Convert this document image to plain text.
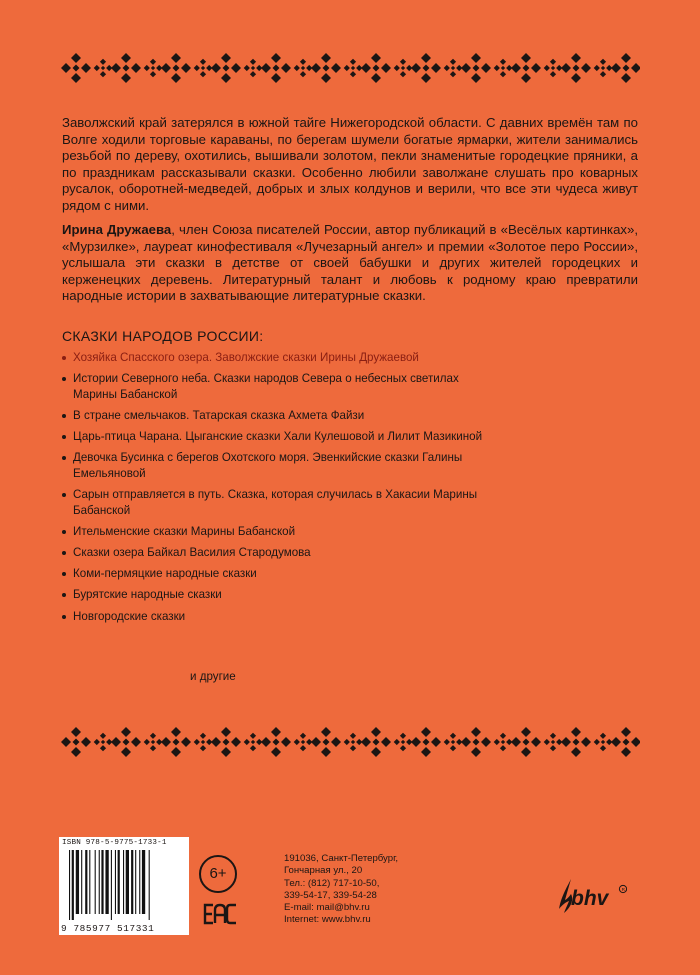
Заволжский край затерялся в южной тайге Нижегородской области. С давних времён там по Волге ходили торговые караваны, по берегам шумели богатые ярмарки, жители занимались резьбой по дереву, охотились, вышивали золотом, пекли знаменитые городецкие пряники, а по праздникам рассказывали сказки. Особенно любили заволжане слушать про коварных русалок, оборотней-медведей, добрых и злых колдунов и верили, что все эти чудеса живут рядом с ними.

Ирина Дружаева, член Союза писателей России, автор публикаций в «Весёлых картинках», «Мурзилке», лауреат кинофестиваля «Лучезарный ангел» и премии «Золотое перо России», услышала эти сказки в детстве от своей бабушки и других жителей городецких и керженецких деревень. Литературный талант и любовь к родному краю превратили народные истории в захватывающие литературные сказки.

СКАЗКИ НАРОДОВ РОССИИ:
Хозяйка Спасского озера. Заволжские сказки Ирины Дружаевой
Истории Северного неба. Сказки народов Севера о небесных светилах Марины Бабанской
В стране смельчаков. Татарская сказка Ахмета Файзи
Царь-птица Чарана. Цыганские сказки Хали Кулешовой и Лилит Мазикиной
Девочка Бусинка с берегов Охотского моря. Эвенкийские сказки Галины Емельяновой
Сарын отправляется в путь. Сказка, которая случилась в Хакасии Марины Бабанской
Ительменские сказки Марины Бабанской
Сказки озера Байкал Василия Стародумова
Коми-пермяцкие народные сказки
Бурятские народные сказки
Новгородские сказки
и другие
ISBN 978-5-9775-1733-1
9 785977 517331
6+
191036, Санкт-Петербург,
Гончарная ул., 20
Тел.: (812) 717-10-50,
339-54-17, 339-54-28
E-mail: mail@bhv.ru
Internet: www.bhv.ru
R
bhv
